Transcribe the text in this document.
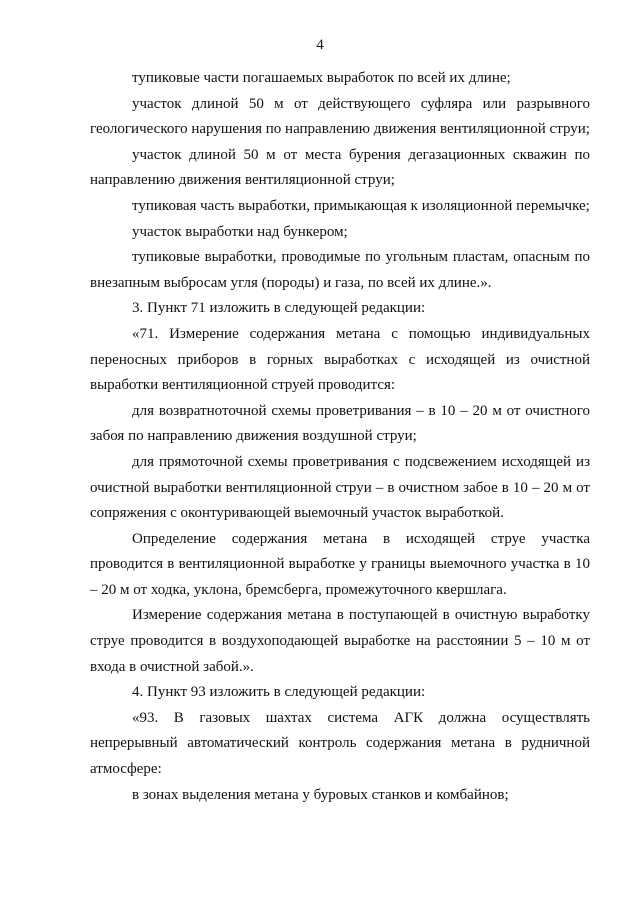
4

тупиковые части погашаемых выработок по всей их длине;

участок длиной 50 м от действующего суфляра или разрывного геологического нарушения по направлению движения вентиляционной струи;

участок длиной 50 м от места бурения дегазационных скважин по направлению движения вентиляционной струи;

тупиковая часть выработки, примыкающая к изоляционной перемычке;

участок выработки над бункером;

тупиковые выработки, проводимые по угольным пластам, опасным по внезапным выбросам угля (породы) и газа, по всей их длине.».

3. Пункт 71 изложить в следующей редакции:

«71. Измерение содержания метана с помощью индивидуальных переносных приборов в горных выработках с исходящей из очистной выработки вентиляционной струей проводится:

для возвратноточной схемы проветривания – в 10 – 20 м от очистного забоя по направлению движения воздушной струи;

для прямоточной схемы проветривания с подсвежением исходящей из очистной выработки вентиляционной струи – в очистном забое в 10 – 20 м от сопряжения с оконтуривающей выемочный участок выработкой.

Определение содержания метана в исходящей струе участка проводится в вентиляционной выработке у границы выемочного участка в 10 – 20 м от ходка, уклона, бремсберга, промежуточного квершлага.

Измерение содержания метана в поступающей в очистную выработку струе проводится в воздухоподающей выработке на расстоянии 5 – 10 м от входа в очистной забой.».

4. Пункт 93 изложить в следующей редакции:

«93. В газовых шахтах система АГК должна осуществлять непрерывный автоматический контроль содержания метана в рудничной атмосфере:

в зонах выделения метана у буровых станков и комбайнов;
